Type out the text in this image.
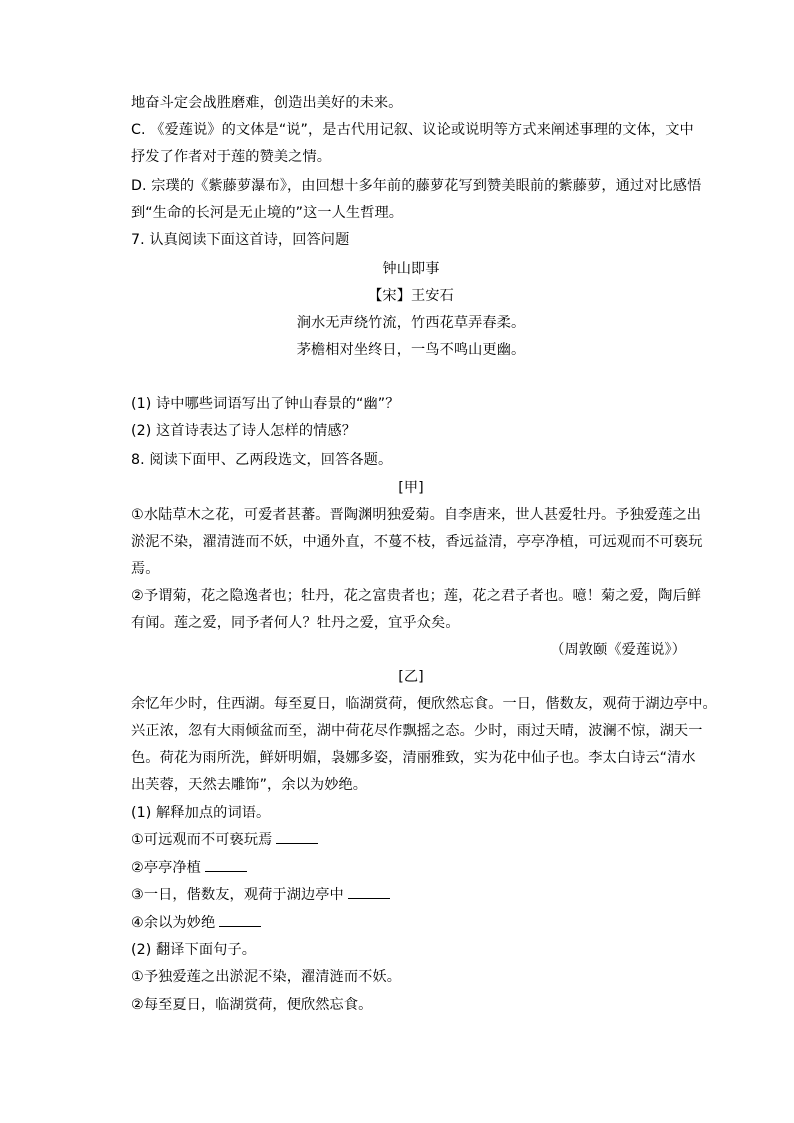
地奋斗定会战胜磨难，创造出美好的未来。
C. 《爱莲说》的文体是“说”，是古代用记叙、议论或说明等方式来阐述事理的文体，文中
抒发了作者对于莲的赞美之情。
D. 宗璞的《紫藤萝瀑布》，由回想十多年前的藤萝花写到赞美眼前的紫藤萝，通过对比感悟
到“生命的长河是无止境的”这一人生哲理。
7. 认真阅读下面这首诗，回答问题
钟山即事
【宋】王安石
涧水无声绕竹流，竹西花草弄春柔。
茅檐相对坐终日，一鸟不鸣山更幽。
(1) 诗中哪些词语写出了钟山春景的“幽”？
(2) 这首诗表达了诗人怎样的情感？
8. 阅读下面甲、乙两段选文，回答各题。
[甲]
①水陆草木之花，可爱者甚蕃。晋陶渊明独爱菊。自李唐来，世人甚爱牡丹。予独爱莲之出
淤泥不染，濯清涟而不妖，中通外直，不蔓不枝，香远益清，亭亭净植，可远观而不可亵玩
焉。
②予谓菊，花之隐逸者也；牡丹，花之富贵者也；莲，花之君子者也。噫！菊之爱，陶后鲜
有闻。莲之爱，同予者何人？牡丹之爱，宜乎众矣。
（周敦颐《爱莲说》）
[乙]
余忆年少时，住西湖。每至夏日，临湖赏荷，便欣然忘食。一日，偕数友，观荷于湖边亭中。
兴正浓，忽有大雨倾盆而至，湖中荷花尽作飘摇之态。少时，雨过天晴，波澜不惊，湖天一
色。荷花为雨所洗，鲜妍明媚，袅娜多姿，清丽雅致，实为花中仙子也。李太白诗云“清水
出芙蓉，天然去雕饰”，余以为妙绝。
(1) 解释加点的词语。
①可远观而不可亵玩焉
②亭亭净植
③一日，偕数友，观荷于湖边亭中
④余以为妙绝
(2) 翻译下面句子。
①予独爱莲之出淤泥不染，濯清涟而不妖。
②每至夏日，临湖赏荷，便欣然忘食。
